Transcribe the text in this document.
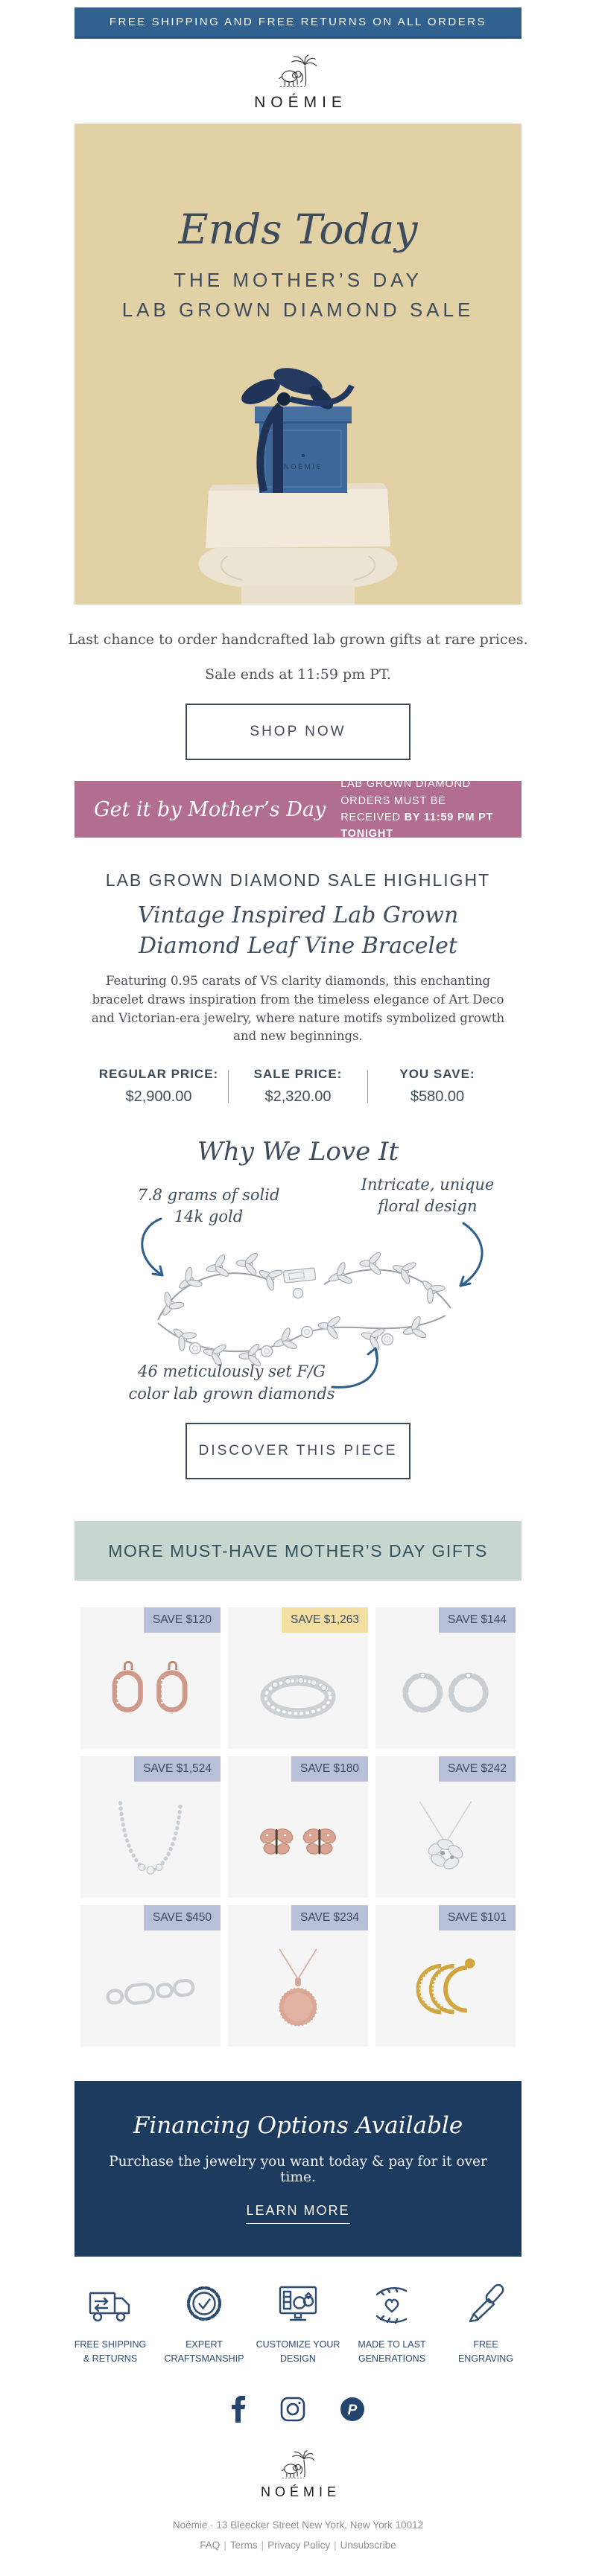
FREE SHIPPING AND FREE RETURNS ON ALL ORDERS
NOÉMIE
Ends Today
THE MOTHER’S DAY
LAB GROWN DIAMOND SALE
NOÉMIE

Last chance to order handcrafted lab grown gifts at rare prices.

Sale ends at 11:59 pm PT.

SHOP NOW
Get it by Mother’s Day
LAB GROWN DIAMOND ORDERS MUST BE RECEIVED BY 11:59 PM PT TONIGHT
LAB GROWN DIAMOND SALE HIGHLIGHT
Vintage Inspired Lab Grown
Diamond Leaf Vine Bracelet

Featuring 0.95 carats of VS clarity diamonds, this enchanting bracelet draws inspiration from the timeless elegance of Art Deco and Victorian-era jewelry, where nature motifs symbolized growth and new beginnings.

REGULAR PRICE:
$2,900.00
SALE PRICE:
$2,320.00
YOU SAVE:
$580.00
Why We Love It
7.8 grams of solid 14k gold
Intricate, unique floral design
46 meticulously set F/G color lab grown diamonds
DISCOVER THIS PIECE
MORE MUST-HAVE MOTHER’S DAY GIFTS
SAVE $120	SAVE $1,263	SAVE $144
SAVE $1,524	SAVE $180	SAVE $242
SAVE $450	SAVE $234	SAVE $101
Financing Options Available
Purchase the jewelry you want today & pay for it over time.
LEARN MORE
FREE SHIPPING
& RETURNS
EXPERT
CRAFTSMANSHIP
CUSTOMIZE YOUR
DESIGN
MADE TO LAST
GENERATIONS
FREE
ENGRAVING
P
NOÉMIE
Noémie · 13 Bleecker Street New York, New York 10012
FAQ | Terms | Privacy Policy | Unsubscribe
